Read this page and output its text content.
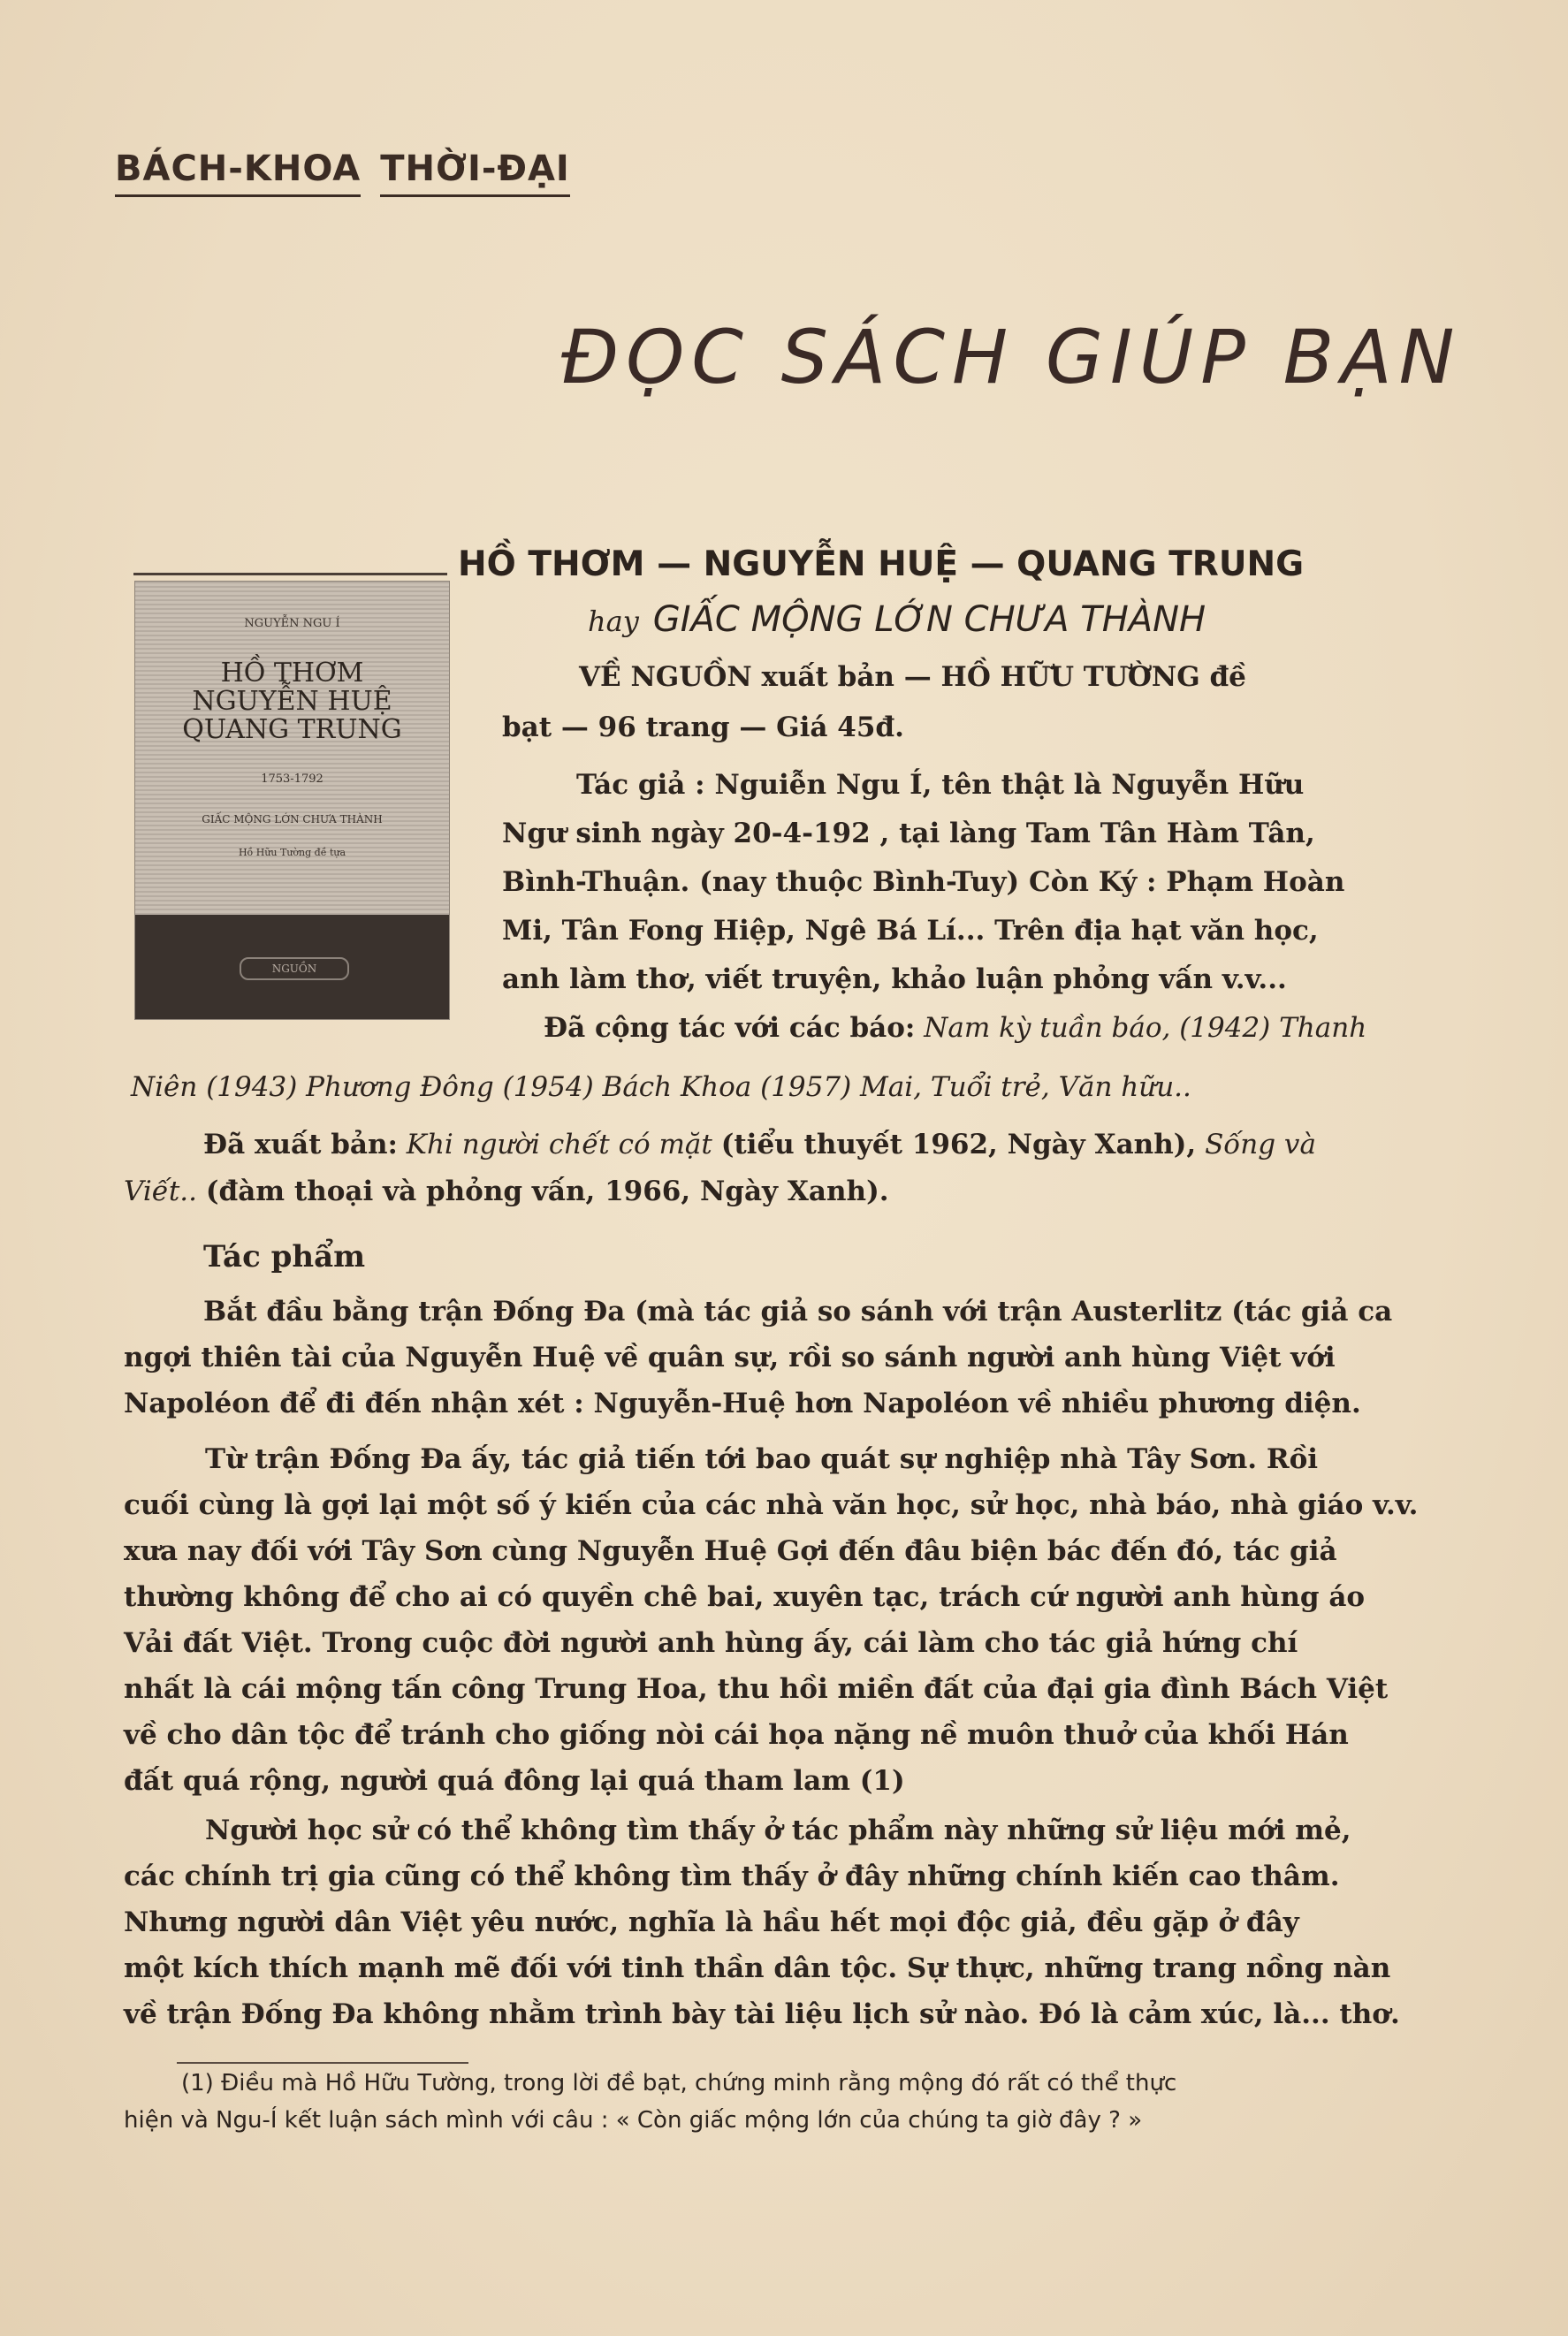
BÁCH-KHOA THỜI-ĐẠI
ĐỌC SÁCH GIÚP BẠN
NGUYỄN NGU Í
HỒ THƠM
NGUYỄN HUỆ
QUANG TRUNG
1753-1792
GIẤC MỘNG LỚN CHƯA THÀNH
Hồ Hữu Tường đề tựa
NGUỒN
HỒ THƠM — NGUYỄN HUỆ — QUANG TRUNG
hay GIẤC MỘNG LỚN CHƯA THÀNH
VỀ NGUỒN xuất bản — HỒ HỮU TƯỜNG đề
bạt — 96 trang — Giá 45đ.
Tác giả : Nguiễn Ngu Í, tên thật là Nguyễn Hữu
Ngư sinh ngày 20-4-192 , tại làng Tam Tân Hàm Tân,
Bình-Thuận. (nay thuộc Bình-Tuy) Còn Ký : Phạm Hoàn
Mi, Tân Fong Hiệp, Ngê Bá Lí... Trên địa hạt văn học,
anh làm thơ, viết truyện, khảo luận phỏng vấn v.v...
Đã cộng tác với các báo: Nam kỳ tuần báo, (1942) Thanh
Niên (1943) Phương Đông (1954) Bách Khoa (1957) Mai, Tuổi trẻ, Văn hữu..
Đã xuất bản: Khi người chết có mặt (tiểu thuyết 1962, Ngày Xanh), Sống và
Viết.. (đàm thoại và phỏng vấn, 1966, Ngày Xanh).
Tác phẩm
Bắt đầu bằng trận Đống Đa (mà tác giả so sánh với trận Austerlitz (tác giả ca
ngợi thiên tài của Nguyễn Huệ về quân sự, rồi so sánh người anh hùng Việt với
Napoléon để đi đến nhận xét : Nguyễn-Huệ hơn Napoléon về nhiều phương diện.
Từ trận Đống Đa ấy, tác giả tiến tới bao quát sự nghiệp nhà Tây Sơn. Rồi
cuối cùng là gợi lại một số ý kiến của các nhà văn học, sử học, nhà báo, nhà giáo v.v.
xưa nay đối với Tây Sơn cùng Nguyễn Huệ Gợi đến đâu biện bác đến đó, tác giả
thường không để cho ai có quyền chê bai, xuyên tạc, trách cứ người anh hùng áo
Vải đất Việt. Trong cuộc đời người anh hùng ấy, cái làm cho tác giả hứng chí
nhất là cái mộng tấn công Trung Hoa, thu hồi miền đất của đại gia đình Bách Việt
về cho dân tộc để tránh cho giống nòi cái họa nặng nề muôn thuở của khối Hán
đất quá rộng, người quá đông lại quá tham lam (1)
Người học sử có thể không tìm thấy ở tác phẩm này những sử liệu mới mẻ,
các chính trị gia cũng có thể không tìm thấy ở đây những chính kiến cao thâm.
Nhưng người dân Việt yêu nước, nghĩa là hầu hết mọi độc giả, đều gặp ở đây
một kích thích mạnh mẽ đối với tinh thần dân tộc. Sự thực, những trang nồng nàn
về trận Đống Đa không nhằm trình bày tài liệu lịch sử nào. Đó là cảm xúc, là... thơ.
(1) Điều mà Hồ Hữu Tường, trong lời đề bạt, chứng minh rằng mộng đó rất có thể thực
hiện và Ngu-Í kết luận sách mình với câu : « Còn giấc mộng lớn của chúng ta giờ đây ? »
